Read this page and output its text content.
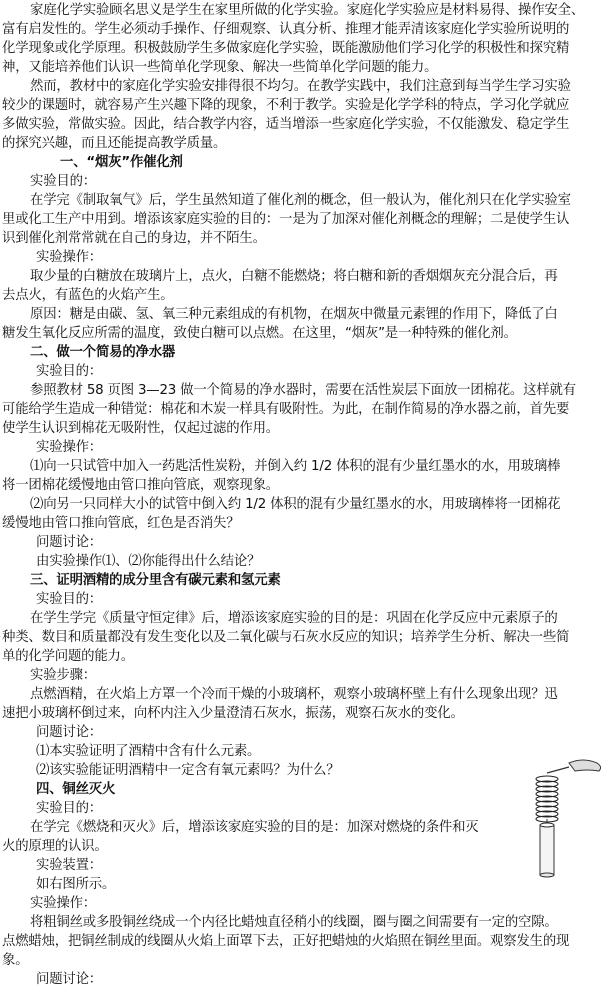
家庭化学实验顾名思义是学生在家里所做的化学实验。家庭化学实验应是材料易得、操作安全、
富有启发性的。学生必须动手操作、仔细观察、认真分析、推理才能弄清该家庭化学实验所说明的
化学现象或化学原理。积极鼓励学生多做家庭化学实验，既能激励他们学习化学的积极性和探究精
神，又能培养他们认识一些简单化学现象、解决一些简单化学问题的能力。
然而，教材中的家庭化学实验安排得很不均匀。在教学实践中，我们注意到每当学生学习实验
较少的课题时，就容易产生兴趣下降的现象，不利于教学。实验是化学学科的特点，学习化学就应
多做实验，常做实验。因此，结合教学内容，适当增添一些家庭化学实验，不仅能激发、稳定学生
的探究兴趣，而且还能提高教学质量。
一、“烟灰”作催化剂
实验目的：
在学完《制取氧气》后，学生虽然知道了催化剂的概念，但一般认为，催化剂只在化学实验室
里或化工生产中用到。增添该家庭实验的目的：一是为了加深对催化剂概念的理解；二是使学生认
识到催化剂常常就在自己的身边，并不陌生。
实验操作：
取少量的白糖放在玻璃片上，点火，白糖不能燃烧；将白糖和新的香烟烟灰充分混合后，再
去点火，有蓝色的火焰产生。
原因：糖是由碳、氢、氧三种元素组成的有机物，在烟灰中微量元素锂的作用下，降低了白
糖发生氧化反应所需的温度，致使白糖可以点燃。在这里，“烟灰”是一种特殊的催化剂。
二、做一个简易的净水器
实验目的：
参照教材 58 页图 3—23 做一个简易的净水器时，需要在活性炭层下面放一团棉花。这样就有
可能给学生造成一种错觉：棉花和木炭一样具有吸附性。为此，在制作简易的净水器之前，首先要
使学生认识到棉花无吸附性，仅起过滤的作用。
实验操作：
⑴向一只试管中加入一药匙活性炭粉，并倒入约 1/2 体积的混有少量红墨水的水，用玻璃棒
将一团棉花缓慢地由管口推向管底，观察现象。
⑵向另一只同样大小的试管中倒入约 1/2 体积的混有少量红墨水的水，用玻璃棒将一团棉花
缓慢地由管口推向管底，红色是否消失？
问题讨论：
由实验操作⑴、⑵你能得出什么结论？
三、证明酒精的成分里含有碳元素和氢元素
实验目的：
在学生学完《质量守恒定律》后，增添该家庭实验的目的是：巩固在化学反应中元素原子的
种类、数目和质量都没有发生变化以及二氧化碳与石灰水反应的知识；培养学生分析、解决一些简
单的化学问题的能力。
实验步骤：
点燃酒精，在火焰上方罩一个冷而干燥的小玻璃杯，观察小玻璃杯壁上有什么现象出现？迅
速把小玻璃杯倒过来，向杯内注入少量澄清石灰水，振荡，观察石灰水的变化。
问题讨论：
⑴本实验证明了酒精中含有什么元素。
⑵该实验能证明酒精中一定含有氧元素吗？为什么？
四、铜丝灭火
实验目的：
在学完《燃烧和灭火》后，增添该家庭实验的目的是：加深对燃烧的条件和灭
火的原理的认识。
实验装置：
如右图所示。
实验操作：
将粗铜丝或多股铜丝绕成一个内径比蜡烛直径稍小的线圈，圈与圈之间需要有一定的空隙。
点燃蜡烛，把铜丝制成的线圈从火焰上面罩下去，正好把蜡烛的火焰照在铜丝里面。观察发生的现
象。
问题讨论：
